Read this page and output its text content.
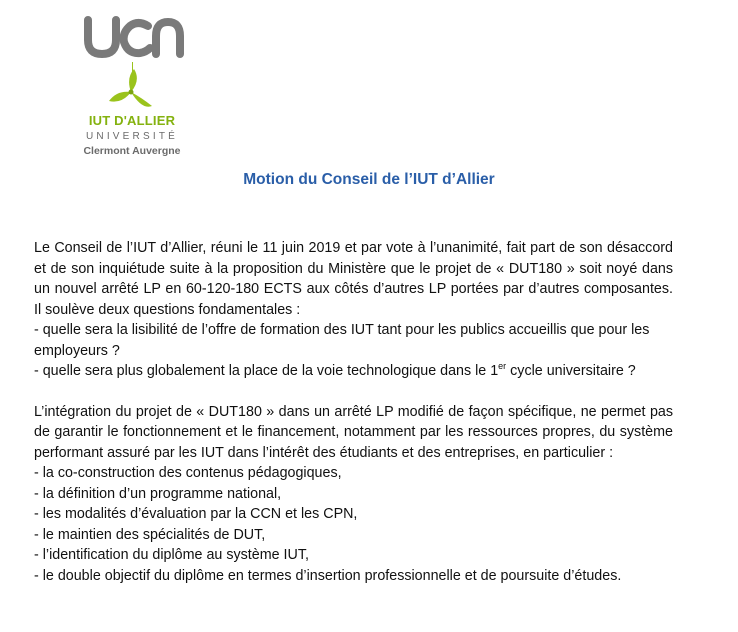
IUT D'ALLIER
UNIVERSITÉ
Clermont Auvergne
Motion du Conseil de l’IUT d’Allier

Le Conseil de l’IUT d’Allier, réuni le 11 juin 2019 et par vote à l’unanimité, fait part de son désaccord et de son inquiétude suite à la proposition du Ministère que le projet de « DUT180 » soit noyé dans un nouvel arrêté LP en 60-120-180 ECTS aux côtés d’autres LP portées par d’autres composantes. Il soulève deux questions fondamentales :

- quelle sera la lisibilité de l’offre de formation des IUT tant pour les publics accueillis que pour les employeurs ?

- quelle sera plus globalement la place de la voie technologique dans le 1er cycle universitaire ?

L’intégration du projet de « DUT180 » dans un arrêté LP modifié de façon spécifique, ne permet pas de garantir le fonctionnement et le financement, notamment par les ressources propres, du système performant assuré par les IUT dans l’intérêt des étudiants et des entreprises, en particulier :

- la co-construction des contenus pédagogiques,

- la définition d’un programme national,

- les modalités d’évaluation par la CCN et les CPN,

- le maintien des spécialités de DUT,

- l’identification du diplôme au système IUT,

- le double objectif du diplôme en termes d’insertion professionnelle et de poursuite d’études.
